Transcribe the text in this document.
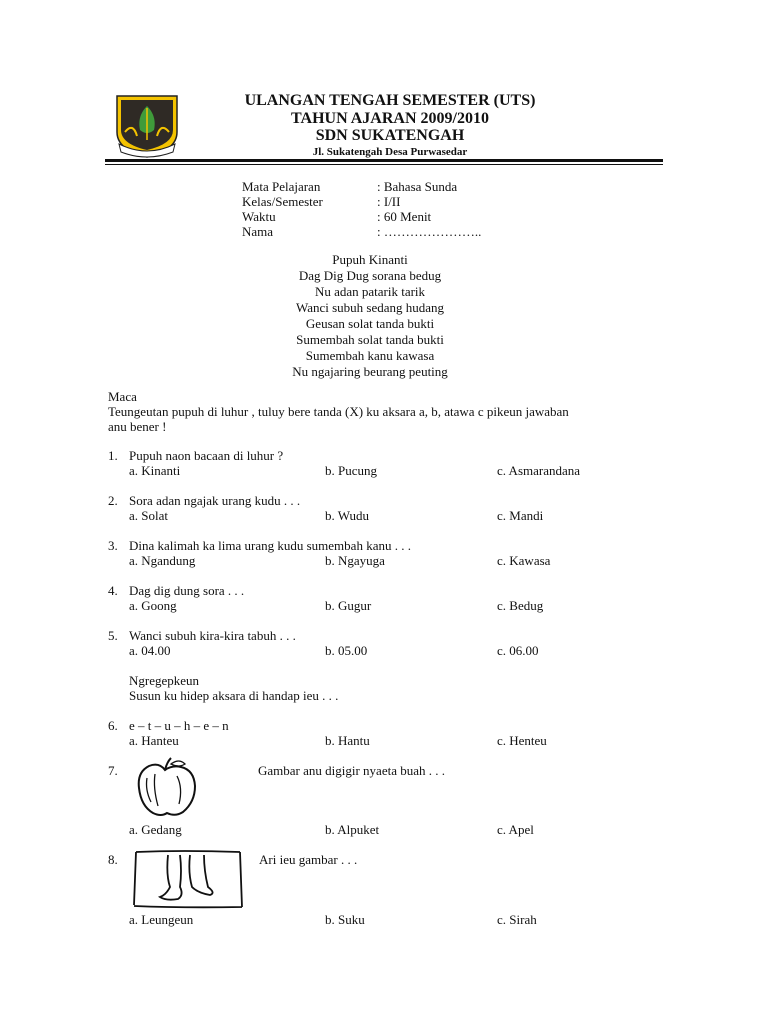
ULANGAN TENGAH SEMESTER (UTS)
TAHUN AJARAN 2009/2010
SDN SUKATENGAH
Jl. Sukatengah Desa Purwasedar
Mata Pelajaran	: Bahasa Sunda
Kelas/Semester	: I/II
Waktu	: 60 Menit
Nama	: …………………..
Pupuh Kinanti
Dag Dig Dug sorana bedug
Nu adan patarik tarik
Wanci subuh sedang hudang
Geusan solat tanda bukti
Sumembah solat tanda bukti
Sumembah kanu kawasa
Nu ngajaring beurang peuting
Maca
Teungeutan pupuh di luhur , tuluy bere tanda (X) ku aksara a, b, atawa c pikeun jawaban
anu bener !
1. Pupuh naon bacaan di luhur ?
a. Kinanti	b. Pucung	c. Asmarandana
2. Sora adan ngajak urang kudu . . .
a. Solat	b. Wudu	c. Mandi
3. Dina kalimah ka lima urang kudu sumembah kanu . . .
a. Ngandung	b. Ngayuga	c. Kawasa
4. Dag dig dung sora . . .
a. Goong	b. Gugur	c. Bedug
5. Wanci subuh kira-kira tabuh . . .
a. 04.00	b. 05.00	c. 06.00
Ngregepkeun
Susun ku hidep aksara di handap ieu . . .
6. e – t – u – h – e – n
a. Hanteu	b. Hantu	c. Henteu
7.	Gambar anu digigir nyaeta buah . . .
a. Gedang	b. Alpuket	c. Apel
8.	Ari ieu gambar . . .
a. Leungeun	b. Suku	c. Sirah
